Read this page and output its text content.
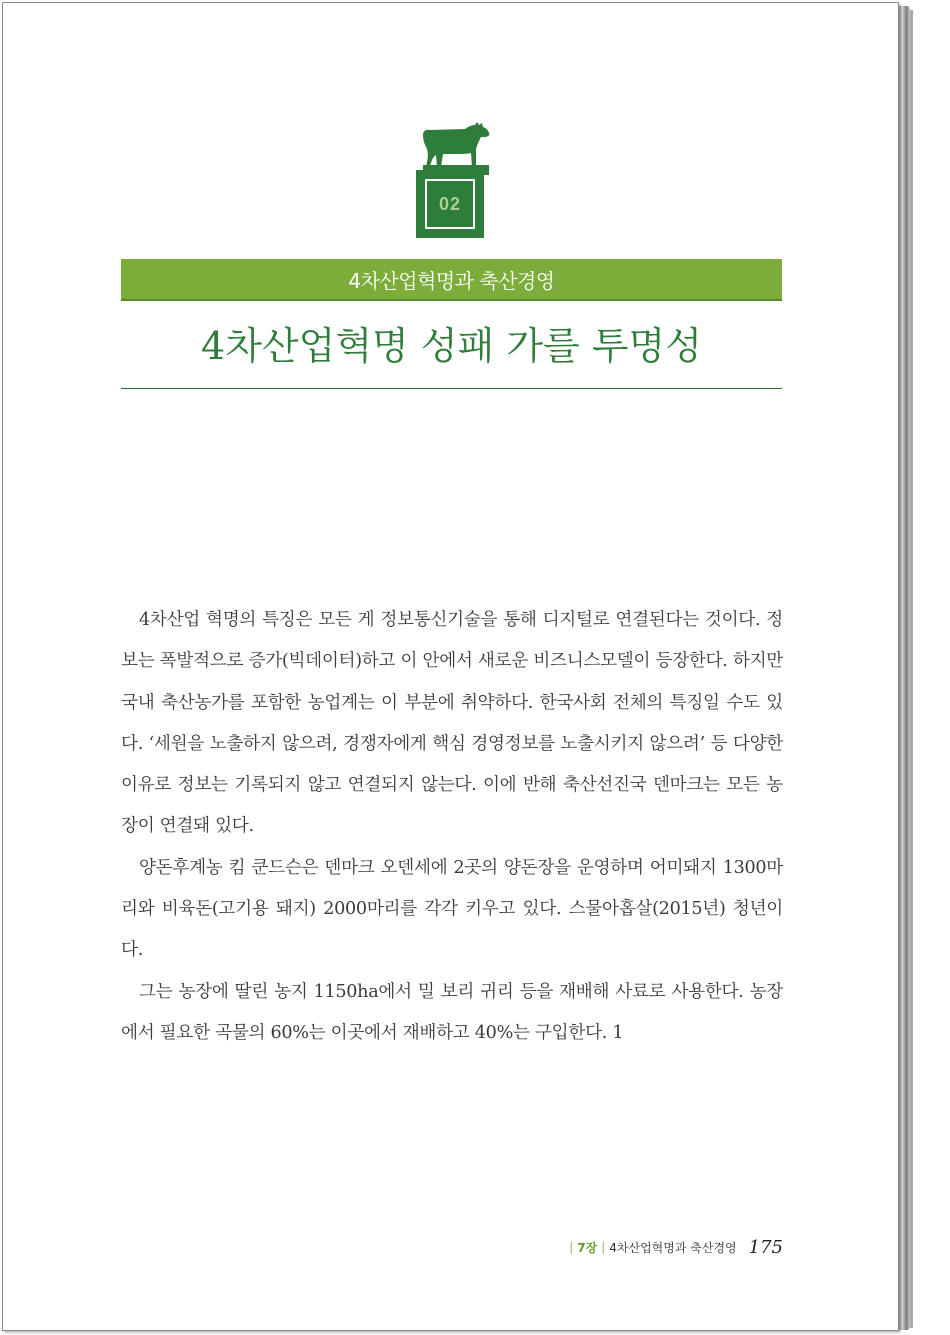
02
4차산업혁명과 축산경영
4차산업혁명 성패 가를 투명성

4차산업 혁명의 특징은 모든 게 정보통신기술을 통해 디지털로 연결된다는 것이다. 정보는 폭발적으로 증가(빅데이터)하고 이 안에서 새로운 비즈니스모델이 등장한다. 하지만 국내 축산농가를 포함한 농업계는 이 부분에 취약하다. 한국사회 전체의 특징일 수도 있다. ‘세원을 노출하지 않으려, 경쟁자에게 핵심 경영정보를 노출시키지 않으려’ 등 다양한 이유로 정보는 기록되지 않고 연결되지 않는다. 이에 반해 축산선진국 덴마크는 모든 농장이 연결돼 있다.

양돈후계농 킴 쿤드슨은 덴마크 오덴세에 2곳의 양돈장을 운영하며 어미돼지 1300마리와 비육돈(고기용 돼지) 2000마리를 각각 키우고 있다. 스물아홉살(2015년) 청년이다.

그는 농장에 딸린 농지 1150ha에서 밀 보리 귀리 등을 재배해 사료로 사용한다. 농장에서 필요한 곡물의 60%는 이곳에서 재배하고 40%는 구입한다. 1

| 7장 | 4차산업혁명과 축산경영 175
